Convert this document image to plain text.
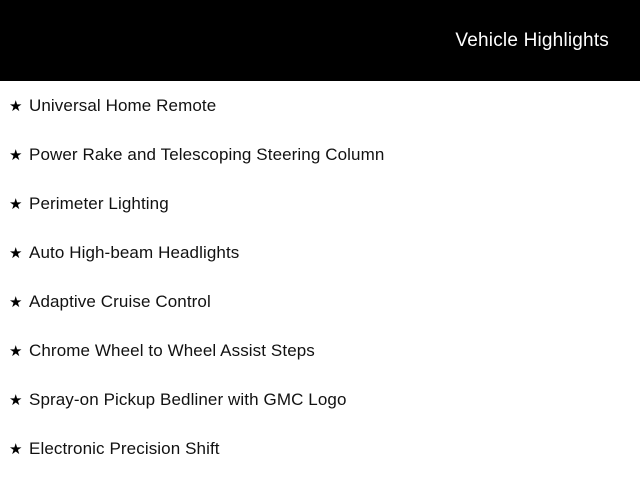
Vehicle Highlights
★ Universal Home Remote
★ Power Rake and Telescoping Steering Column
★ Perimeter Lighting
★ Auto High-beam Headlights
★ Adaptive Cruise Control
★ Chrome Wheel to Wheel Assist Steps
★ Spray-on Pickup Bedliner with GMC Logo
★ Electronic Precision Shift
